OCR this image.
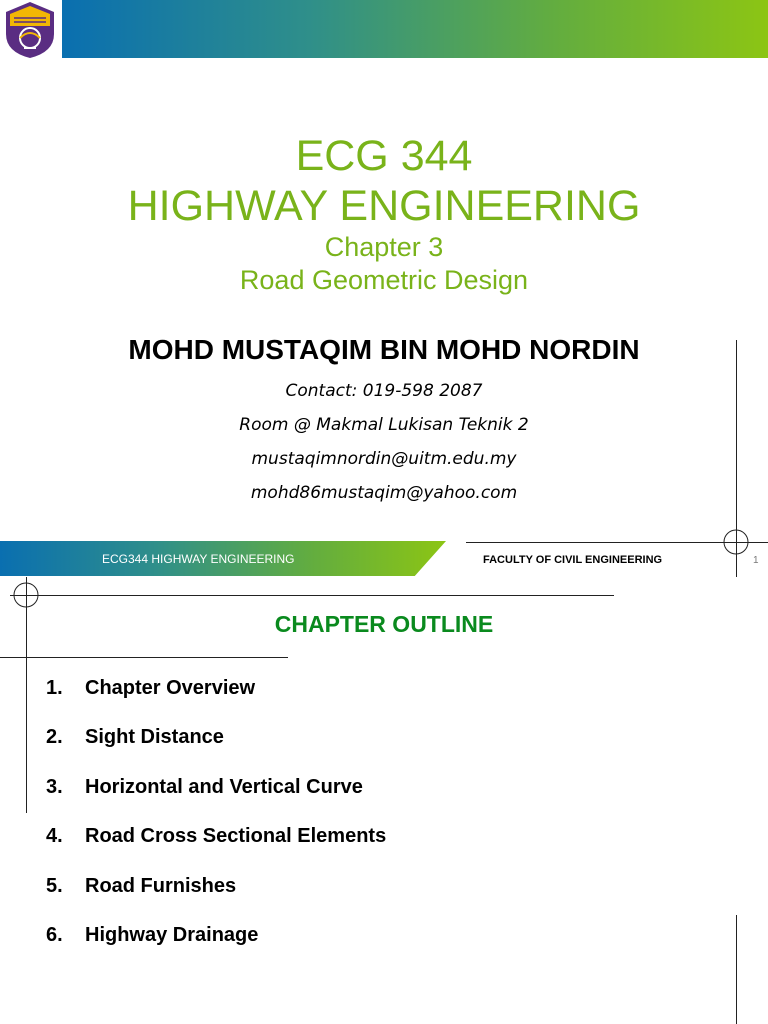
ECG 344
HIGHWAY ENGINEERING
Chapter 3
Road Geometric Design
MOHD MUSTAQIM BIN MOHD NORDIN
Contact: 019-598 2087
Room @ Makmal Lukisan Teknik 2
mustaqimnordin@uitm.edu.my
mohd86mustaqim@yahoo.com
ECG344 HIGHWAY ENGINEERING	FACULTY OF CIVIL ENGINEERING	1
CHAPTER OUTLINE
1.	Chapter Overview
2.	Sight Distance
3.	Horizontal and Vertical Curve
4.	Road Cross Sectional Elements
5.	Road Furnishes
6.	Highway Drainage
